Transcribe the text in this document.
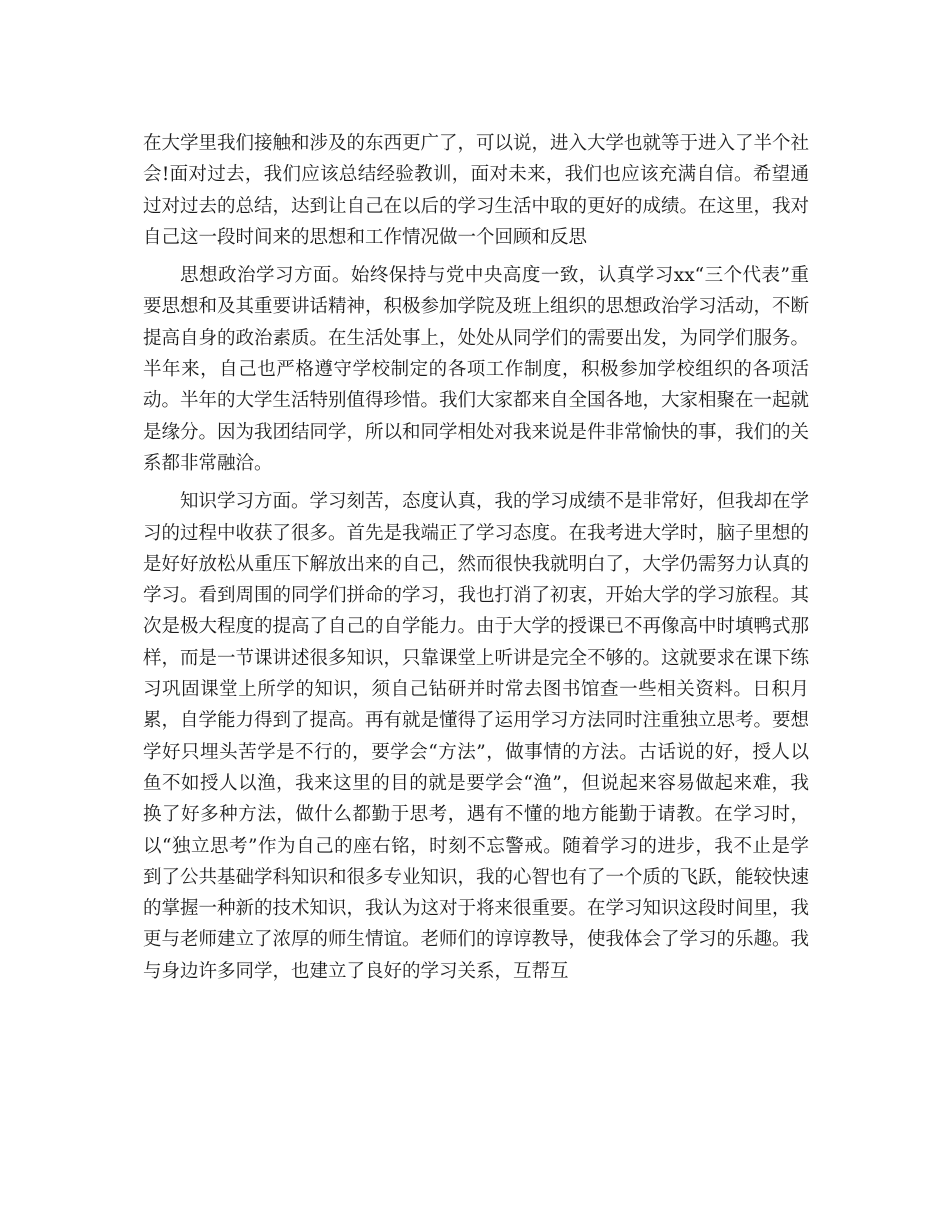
在大学里我们接触和涉及的东西更广了，可以说，进入大学也就等于进入了半个社会!面对过去，我们应该总结经验教训，面对未来，我们也应该充满自信。希望通过对过去的总结，达到让自己在以后的学习生活中取的更好的成绩。在这里，我对自己这一段时间来的思想和工作情况做一个回顾和反思

思想政治学习方面。始终保持与党中央高度一致，认真学习xx“三个代表”重要思想和及其重要讲话精神，积极参加学院及班上组织的思想政治学习活动，不断提高自身的政治素质。在生活处事上，处处从同学们的需要出发，为同学们服务。半年来，自己也严格遵守学校制定的各项工作制度，积极参加学校组织的各项活动。半年的大学生活特别值得珍惜。我们大家都来自全国各地，大家相聚在一起就是缘分。因为我团结同学，所以和同学相处对我来说是件非常愉快的事，我们的关系都非常融洽。

知识学习方面。学习刻苦，态度认真，我的学习成绩不是非常好，但我却在学习的过程中收获了很多。首先是我端正了学习态度。在我考进大学时，脑子里想的是好好放松从重压下解放出来的自己，然而很快我就明白了，大学仍需努力认真的学习。看到周围的同学们拼命的学习，我也打消了初衷，开始大学的学习旅程。其次是极大程度的提高了自己的自学能力。由于大学的授课已不再像高中时填鸭式那样，而是一节课讲述很多知识，只靠课堂上听讲是完全不够的。这就要求在课下练习巩固课堂上所学的知识，须自己钻研并时常去图书馆查一些相关资料。日积月累，自学能力得到了提高。再有就是懂得了运用学习方法同时注重独立思考。要想学好只埋头苦学是不行的，要学会“方法”，做事情的方法。古话说的好，授人以鱼不如授人以渔，我来这里的目的就是要学会“渔”，但说起来容易做起来难，我换了好多种方法，做什么都勤于思考，遇有不懂的地方能勤于请教。在学习时，以“独立思考”作为自己的座右铭，时刻不忘警戒。随着学习的进步，我不止是学到了公共基础学科知识和很多专业知识，我的心智也有了一个质的飞跃，能较快速的掌握一种新的技术知识，我认为这对于将来很重要。在学习知识这段时间里，我更与老师建立了浓厚的师生情谊。老师们的谆谆教导，使我体会了学习的乐趣。我与身边许多同学，也建立了良好的学习关系，互帮互
